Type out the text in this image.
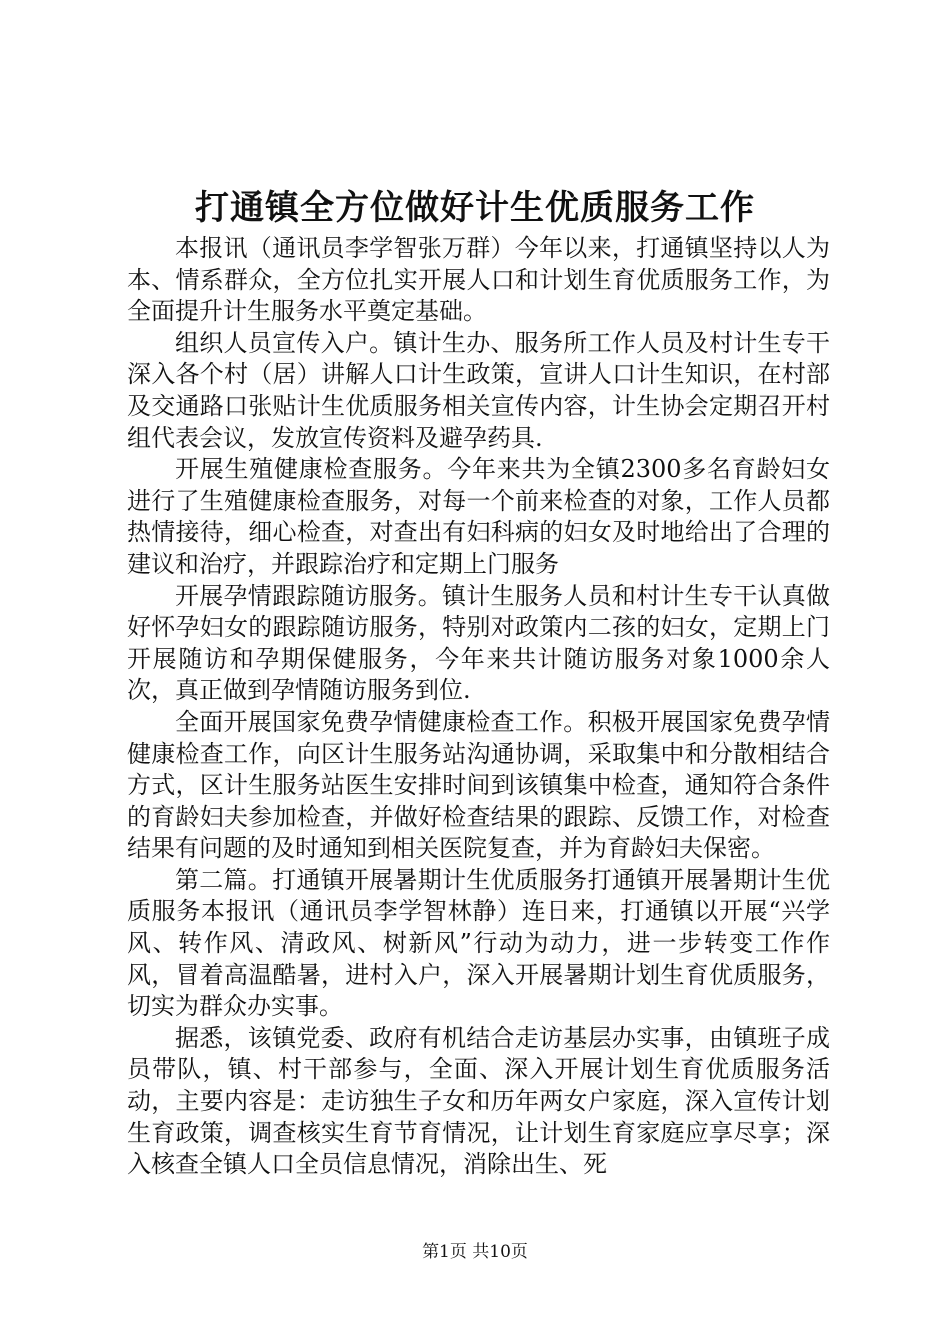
打通镇全方位做好计生优质服务工作

本报讯（通讯员李学智张万群）今年以来，打通镇坚持以人为本、情系群众，全方位扎实开展人口和计划生育优质服务工作，为全面提升计生服务水平奠定基础。

组织人员宣传入户。镇计生办、服务所工作人员及村计生专干深入各个村（居）讲解人口计生政策，宣讲人口计生知识，在村部及交通路口张贴计生优质服务相关宣传内容，计生协会定期召开村组代表会议，发放宣传资料及避孕药具.

开展生殖健康检查服务。今年来共为全镇2300多名育龄妇女进行了生殖健康检查服务，对每一个前来检查的对象，工作人员都热情接待，细心检查，对查出有妇科病的妇女及时地给出了合理的建议和治疗，并跟踪治疗和定期上门服务

开展孕情跟踪随访服务。镇计生服务人员和村计生专干认真做好怀孕妇女的跟踪随访服务，特别对政策内二孩的妇女，定期上门开展随访和孕期保健服务，今年来共计随访服务对象1000余人次，真正做到孕情随访服务到位.

全面开展国家免费孕情健康检查工作。积极开展国家免费孕情健康检查工作，向区计生服务站沟通协调，采取集中和分散相结合方式，区计生服务站医生安排时间到该镇集中检查，通知符合条件的育龄妇夫参加检查，并做好检查结果的跟踪、反馈工作，对检查结果有问题的及时通知到相关医院复查，并为育龄妇夫保密。

第二篇。打通镇开展暑期计生优质服务打通镇开展暑期计生优质服务本报讯（通讯员李学智林静）连日来，打通镇以开展“兴学风、转作风、清政风、树新风”行动为动力，进一步转变工作作风，冒着高温酷暑，进村入户，深入开展暑期计划生育优质服务，切实为群众办实事。

据悉，该镇党委、政府有机结合走访基层办实事，由镇班子成员带队，镇、村干部参与，全面、深入开展计划生育优质服务活动，主要内容是：走访独生子女和历年两女户家庭，深入宣传计划生育政策，调查核实生育节育情况，让计划生育家庭应享尽享；深入核查全镇人口全员信息情况，消除出生、死

第1页 共10页
